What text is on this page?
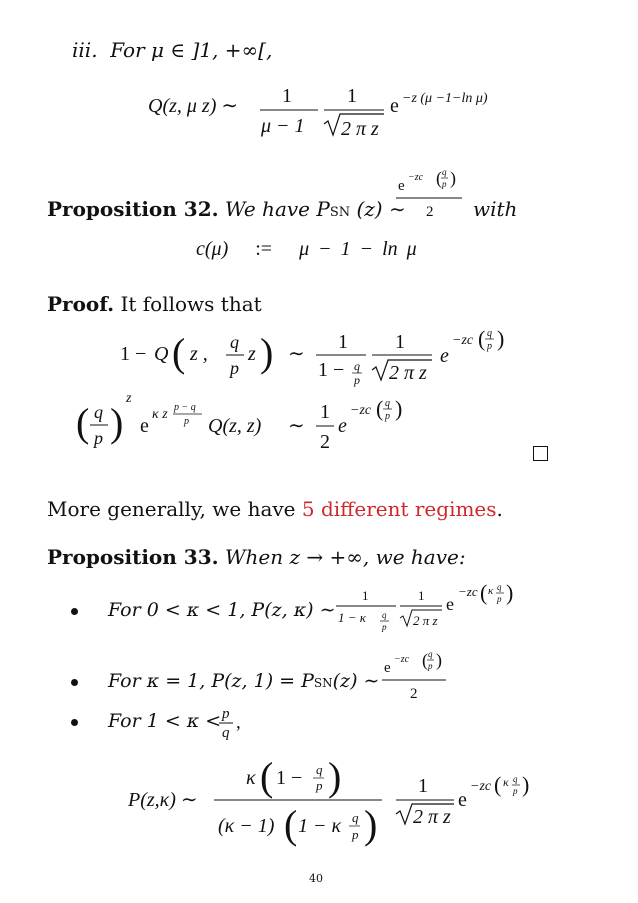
iii. For μ ∈ ]1, +∞[,
Q(z, μ z) ∼ 1
μ − 1
1
2 π z
e −z (μ −1−ln μ)
Proposition 32. We have PSN (z) ∼
1
e
−zc ( q
p )
2 with
c(μ) := μ − 1 − ln μ
Proof. It follows that
1 − Q ( z ,
q
p
z ) ∼
1
1 − q
p
1
2 π z
e
−zc ( q
p )
( q
p )
z
e
κ z p − q
p Q(z, z) ∼
1
2
e
−zc ( q
p )
More generally, we have 5 different regimes.
Proposition 33. When z → +∞, we have:
For 0 < κ < 1, P(z, κ) ∼
1
1 − κ q
p
1
2 π z
e
−zc ( κ q
p )
For κ = 1, P(z, 1) = PSN(z) ∼
e
−zc ( q
p )
2
For 1 < κ < p
q ,
P(z,κ) ∼
κ ( 1 − q
p )
(κ − 1) ( 1 − κ q
p )
1
2 π z
e
−zc ( κ q
p )
40
